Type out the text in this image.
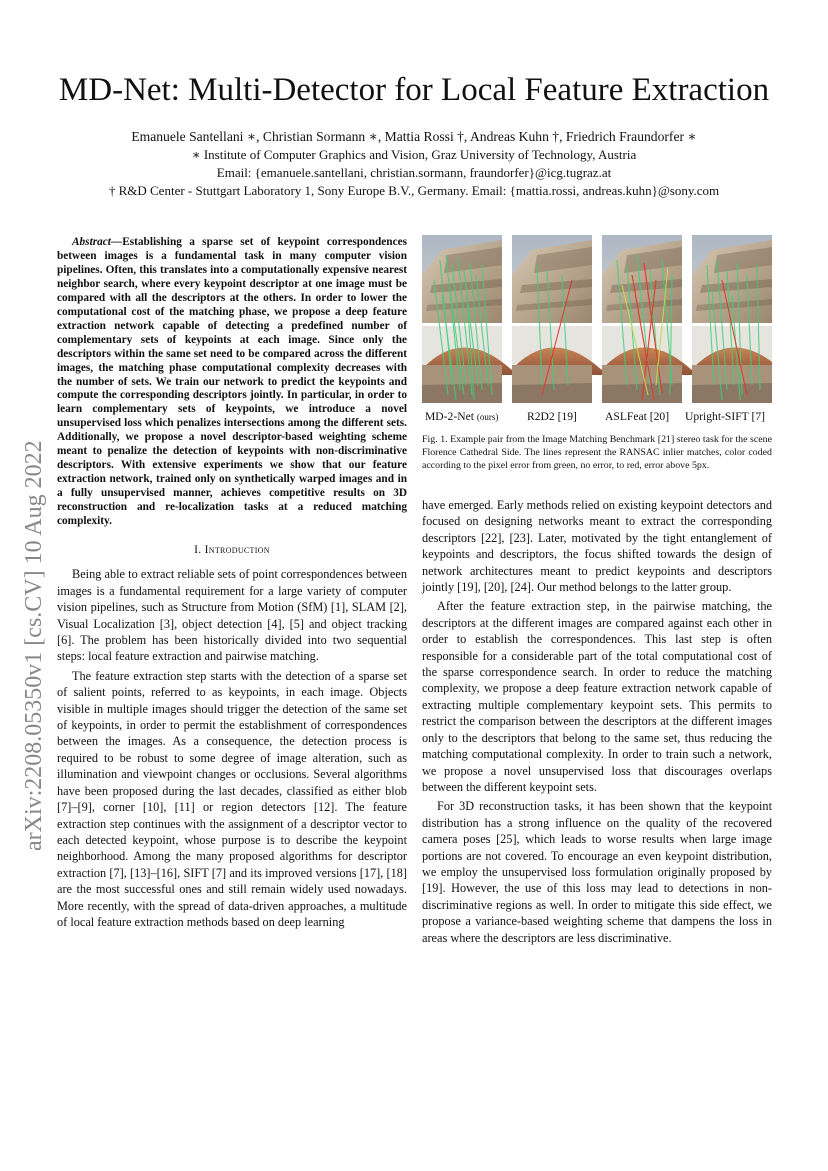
arXiv:2208.05350v1 [cs.CV] 10 Aug 2022
MD-Net: Multi-Detector for Local Feature Extraction
Emanuele Santellani ∗, Christian Sormann ∗, Mattia Rossi †, Andreas Kuhn †, Friedrich Fraundorfer ∗
∗ Institute of Computer Graphics and Vision, Graz University of Technology, Austria
Email: {emanuele.santellani, christian.sormann, fraundorfer}@icg.tugraz.at
† R&D Center - Stuttgart Laboratory 1, Sony Europe B.V., Germany. Email: {mattia.rossi, andreas.kuhn}@sony.com
Abstract—Establishing a sparse set of keypoint correspondences between images is a fundamental task in many computer vision pipelines. Often, this translates into a computationally expensive nearest neighbor search, where every keypoint descriptor at one image must be compared with all the descriptors at the others. In order to lower the computational cost of the matching phase, we propose a deep feature extraction network capable of detecting a predefined number of complementary sets of keypoints at each image. Since only the descriptors within the same set need to be compared across the different images, the matching phase computational complexity decreases with the number of sets. We train our network to predict the keypoints and compute the corresponding descriptors jointly. In particular, in order to learn complementary sets of keypoints, we introduce a novel unsupervised loss which penalizes intersections among the different sets. Additionally, we propose a novel descriptor-based weighting scheme meant to penalize the detection of keypoints with non-discriminative descriptors. With extensive experiments we show that our feature extraction network, trained only on synthetically warped images and in a fully unsupervised manner, achieves competitive results on 3D reconstruction and re-localization tasks at a reduced matching complexity.
I. Introduction

Being able to extract reliable sets of point correspondences between images is a fundamental requirement for a large variety of computer vision pipelines, such as Structure from Motion (SfM) [1], SLAM [2], Visual Localization [3], object detection [4], [5] and object tracking [6]. The problem has been historically divided into two sequential steps: local feature extraction and pairwise matching.

The feature extraction step starts with the detection of a sparse set of salient points, referred to as keypoints, in each image. Objects visible in multiple images should trigger the detection of the same set of keypoints, in order to permit the establishment of correspondences between the images. As a consequence, the detection process is required to be robust to some degree of image alteration, such as illumination and viewpoint changes or occlusions. Several algorithms have been proposed during the last decades, classified as either blob [7]–[9], corner [10], [11] or region detectors [12]. The feature extraction step continues with the assignment of a descriptor vector to each detected keypoint, whose purpose is to describe the keypoint neighborhood. Among the many proposed algorithms for descriptor extraction [7], [13]–[16], SIFT [7] and its improved versions [17], [18] are the most successful ones and still remain widely used nowadays. More recently, with the spread of data-driven approaches, a multitude of local feature extraction methods based on deep learning

MD-2-Net (ours) R2D2 [19] ASLFeat [20] Upright-SIFT [7]
Fig. 1. Example pair from the Image Matching Benchmark [21] stereo task for the scene Florence Cathedral Side. The lines represent the RANSAC inlier matches, color coded according to the pixel error from green, no error, to red, error above 5px.

have emerged. Early methods relied on existing keypoint detectors and focused on designing networks meant to extract the corresponding descriptors [22], [23]. Later, motivated by the tight entanglement of keypoints and descriptors, the focus shifted towards the design of network architectures meant to predict keypoints and descriptors jointly [19], [20], [24]. Our method belongs to the latter group.

After the feature extraction step, in the pairwise matching, the descriptors at the different images are compared against each other in order to establish the correspondences. This last step is often responsible for a considerable part of the total computational cost of the sparse correspondence search. In order to reduce the matching complexity, we propose a deep feature extraction network capable of extracting multiple complementary keypoint sets. This permits to restrict the comparison between the descriptors at the different images only to the descriptors that belong to the same set, thus reducing the matching computational complexity. In order to train such a network, we propose a novel unsupervised loss that discourages overlaps between the different keypoint sets.

For 3D reconstruction tasks, it has been shown that the keypoint distribution has a strong influence on the quality of the recovered camera poses [25], which leads to worse results when large image portions are not covered. To encourage an even keypoint distribution, we employ the unsupervised loss formulation originally proposed by [19]. However, the use of this loss may lead to detections in non-discriminative regions as well. In order to mitigate this side effect, we propose a variance-based weighting scheme that dampens the loss in areas where the descriptors are less discriminative.
